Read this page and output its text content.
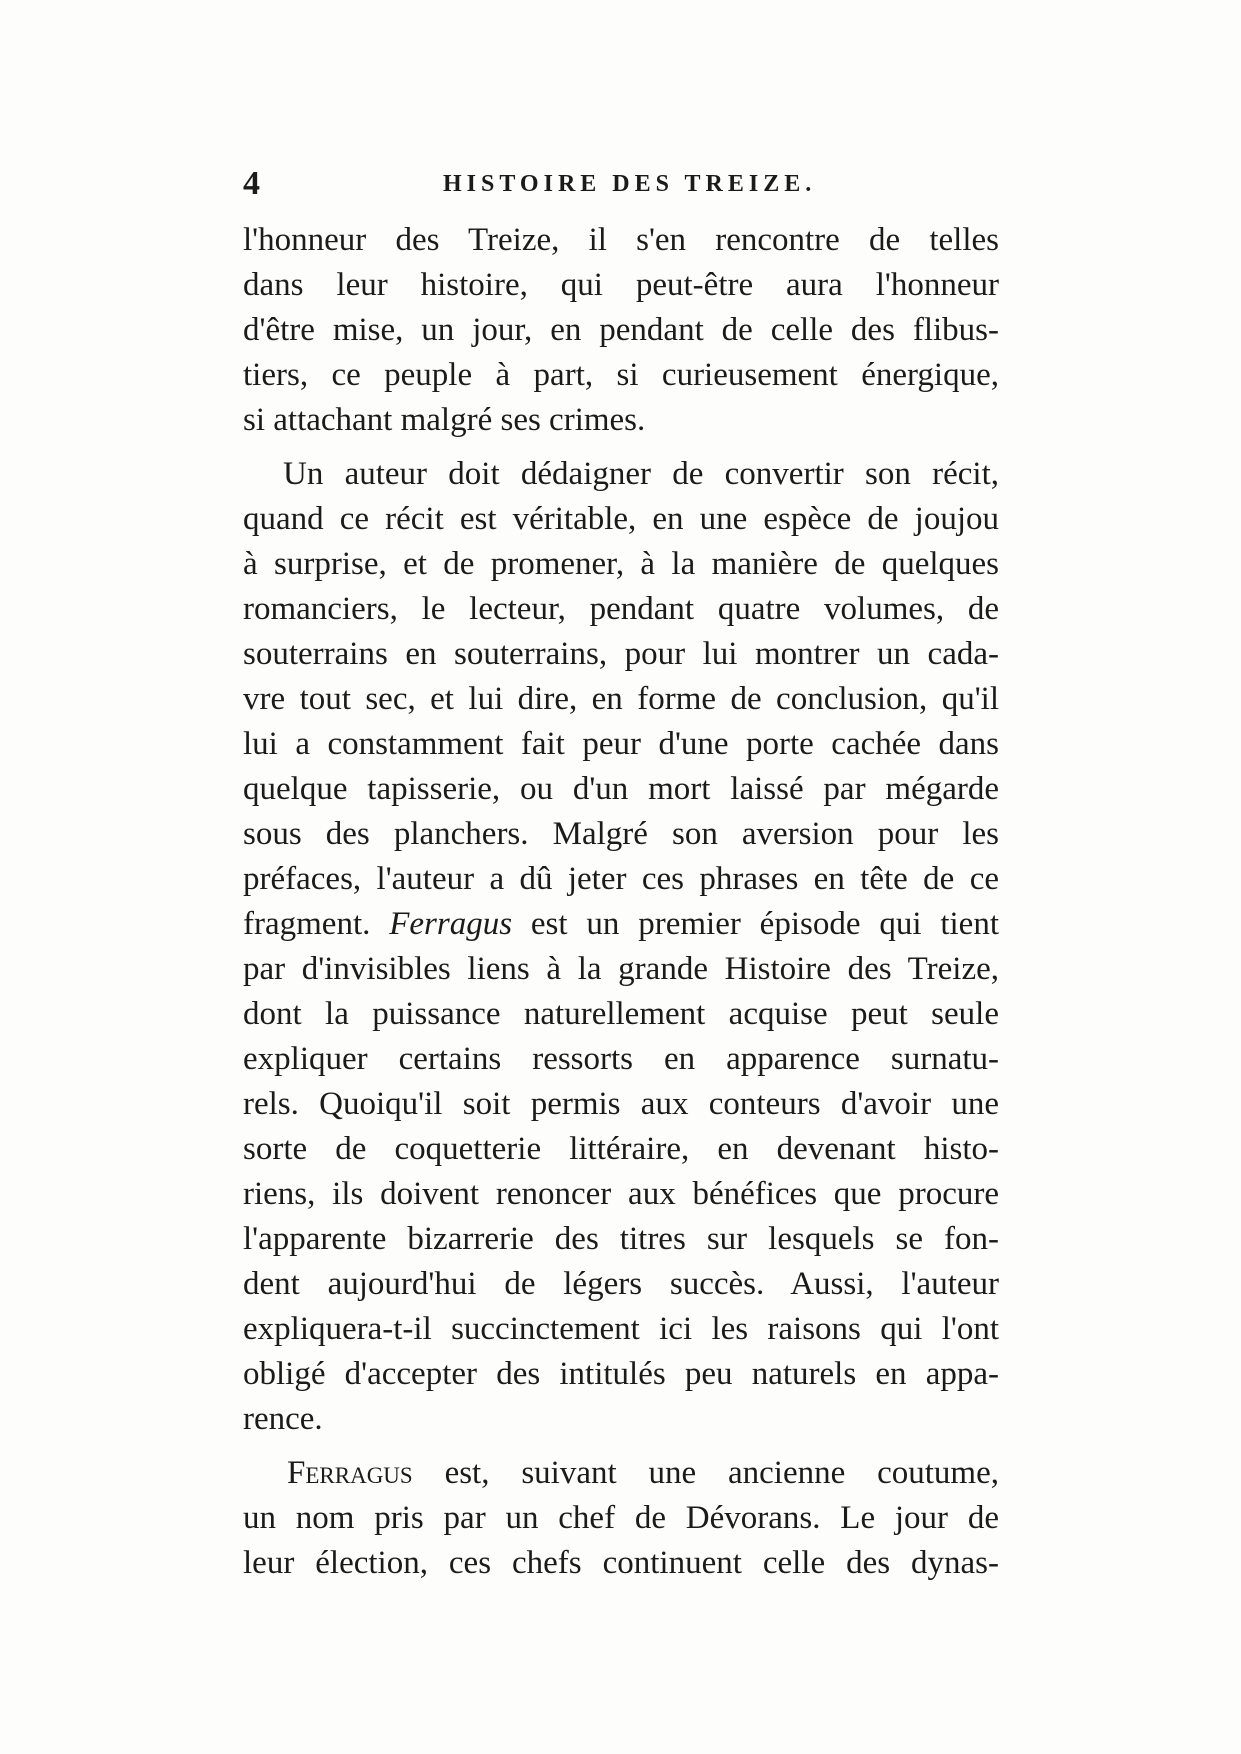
4	HISTOIRE DES TREIZE.
l'honneur des Treize, il s'en rencontre de telles
dans leur histoire, qui peut-être aura l'honneur
d'être mise, un jour, en pendant de celle des flibus-
tiers, ce peuple à part, si curieusement énergique,
si attachant malgré ses crimes.
Un auteur doit dédaigner de convertir son récit,
quand ce récit est véritable, en une espèce de joujou
à surprise, et de promener, à la manière de quelques
romanciers, le lecteur, pendant quatre volumes, de
souterrains en souterrains, pour lui montrer un cada-
vre tout sec, et lui dire, en forme de conclusion, qu'il
lui a constamment fait peur d'une porte cachée dans
quelque tapisserie, ou d'un mort laissé par mégarde
sous des planchers. Malgré son aversion pour les
préfaces, l'auteur a dû jeter ces phrases en tête de ce
fragment. Ferragus est un premier épisode qui tient
par d'invisibles liens à la grande Histoire des Treize,
dont la puissance naturellement acquise peut seule
expliquer certains ressorts en apparence surnatu-
rels. Quoiqu'il soit permis aux conteurs d'avoir une
sorte de coquetterie littéraire, en devenant histo-
riens, ils doivent renoncer aux bénéfices que procure
l'apparente bizarrerie des titres sur lesquels se fon-
dent aujourd'hui de légers succès. Aussi, l'auteur
expliquera-t-il succinctement ici les raisons qui l'ont
obligé d'accepter des intitulés peu naturels en appa-
rence.
Ferragus est, suivant une ancienne coutume,
un nom pris par un chef de Dévorans. Le jour de
leur élection, ces chefs continuent celle des dynas-
